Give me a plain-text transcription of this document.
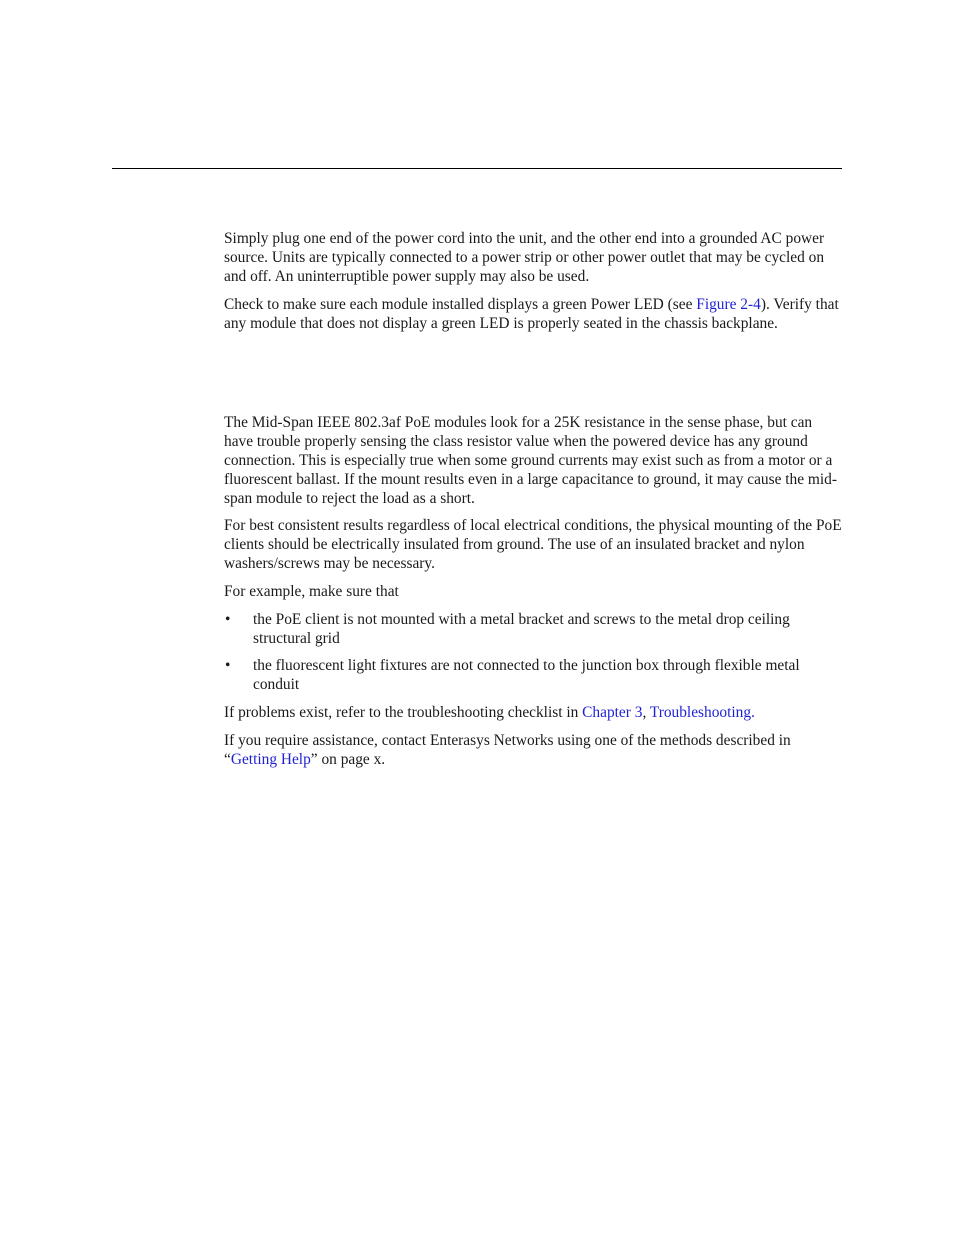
Simply plug one end of the power cord into the unit, and the other end into a grounded AC power source. Units are typically connected to a power strip or other power outlet that may be cycled on and off. An uninterruptible power supply may also be used.

Check to make sure each module installed displays a green Power LED (see Figure 2-4). Verify that any module that does not display a green LED is properly seated in the chassis backplane.

The Mid-Span IEEE 802.3af PoE modules look for a 25K resistance in the sense phase, but can have trouble properly sensing the class resistor value when the powered device has any ground connection. This is especially true when some ground currents may exist such as from a motor or a fluorescent ballast. If the mount results even in a large capacitance to ground, it may cause the mid-span module to reject the load as a short.

For best consistent results regardless of local electrical conditions, the physical mounting of the PoE clients should be electrically insulated from ground. The use of an insulated bracket and nylon washers/screws may be necessary.

For example, make sure that

• the PoE client is not mounted with a metal bracket and screws to the metal drop ceiling structural grid
• the fluorescent light fixtures are not connected to the junction box through flexible metal conduit

If problems exist, refer to the troubleshooting checklist in Chapter 3, Troubleshooting.

If you require assistance, contact Enterasys Networks using one of the methods described in “Getting Help” on page x.
